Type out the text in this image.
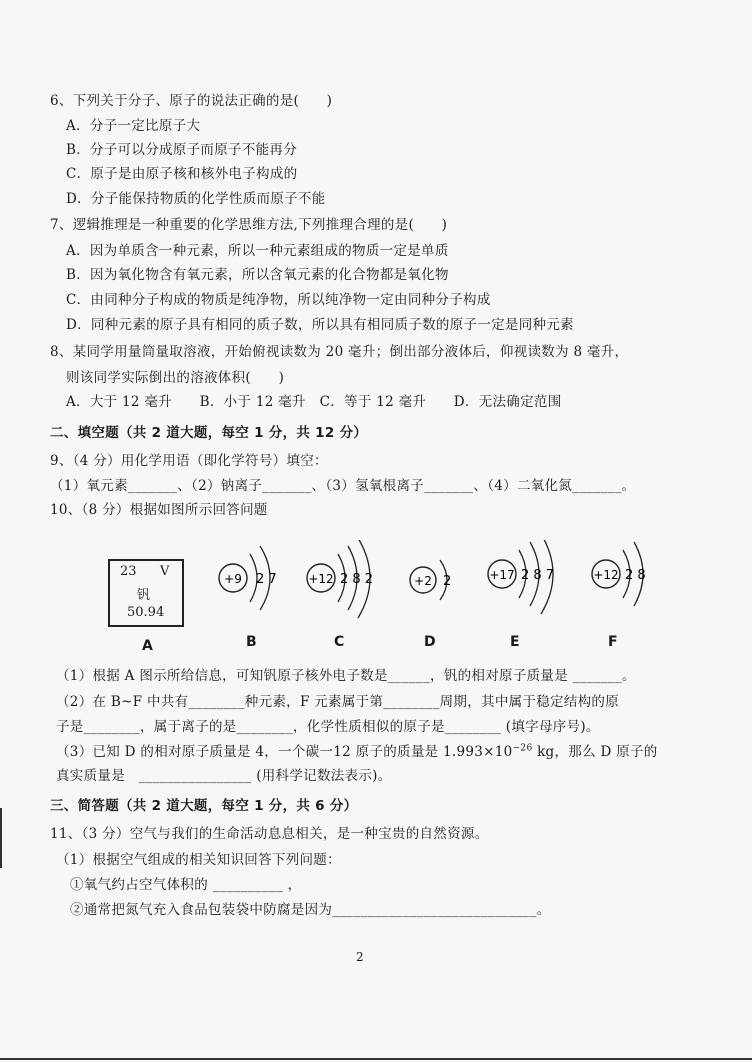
6、下列关于分子、原子的说法正确的是(　　)
A．分子一定比原子大
B．分子可以分成原子而原子不能再分
C．原子是由原子核和核外电子构成的
D．分子能保持物质的化学性质而原子不能
7、逻辑推理是一种重要的化学思维方法,下列推理合理的是(　　)
A．因为单质含一种元素，所以一种元素组成的物质一定是单质
B．因为氧化物含有氧元素，所以含氧元素的化合物都是氧化物
C．由同种分子构成的物质是纯净物，所以纯净物一定由同种分子构成
D．同种元素的原子具有相同的质子数，所以具有相同质子数的原子一定是同种元素
8、某同学用量筒量取溶液，开始俯视读数为 20 毫升；倒出部分液体后，仰视读数为 8 毫升，
则该同学实际倒出的溶液体积(　　)
A．大于 12 毫升　　B．小于 12 毫升　C．等于 12 毫升　　D．无法确定范围
二、填空题（共 2 道大题，每空 1 分，共 12 分）
9、（4 分）用化学用语（即化学符号）填空：
（1）氧元素_______、（2）钠离子_______、（3）氢氧根离子_______、（4）二氧化氮_______。
10、（8 分）根据如图所示回答问题
23 V
钒
50.94
A
+9 2 7	+12 2 8 2	+2 2	+17 2 8 7	+12 2 8
B	C	D	E	F
（1）根据 A 图示所给信息，可知钒原子核外电子数是______，钒的相对原子质量是 _______。
（2）在 B~F 中共有________种元素，F 元素属于第________周期，其中属于稳定结构的原
子是________，属于离子的是________，化学性质相似的原子是________ (填字母序号)。
（3）已知 D 的相对原子质量是 4，一个碳一12 原子的质量是 $1.993\times 10^{-26}$ kg，那么 D 原子的
真实质量是　________________ (用科学记数法表示)。
三、简答题（共 2 道大题，每空 1 分，共 6 分）
11、（3 分）空气与我们的生命活动息息相关，是一种宝贵的自然资源。
（1）根据空气组成的相关知识回答下列问题：
①氧气约占空气体积的 __________ ，
②通常把氮气充入食品包装袋中防腐是因为_____________________________。
2
